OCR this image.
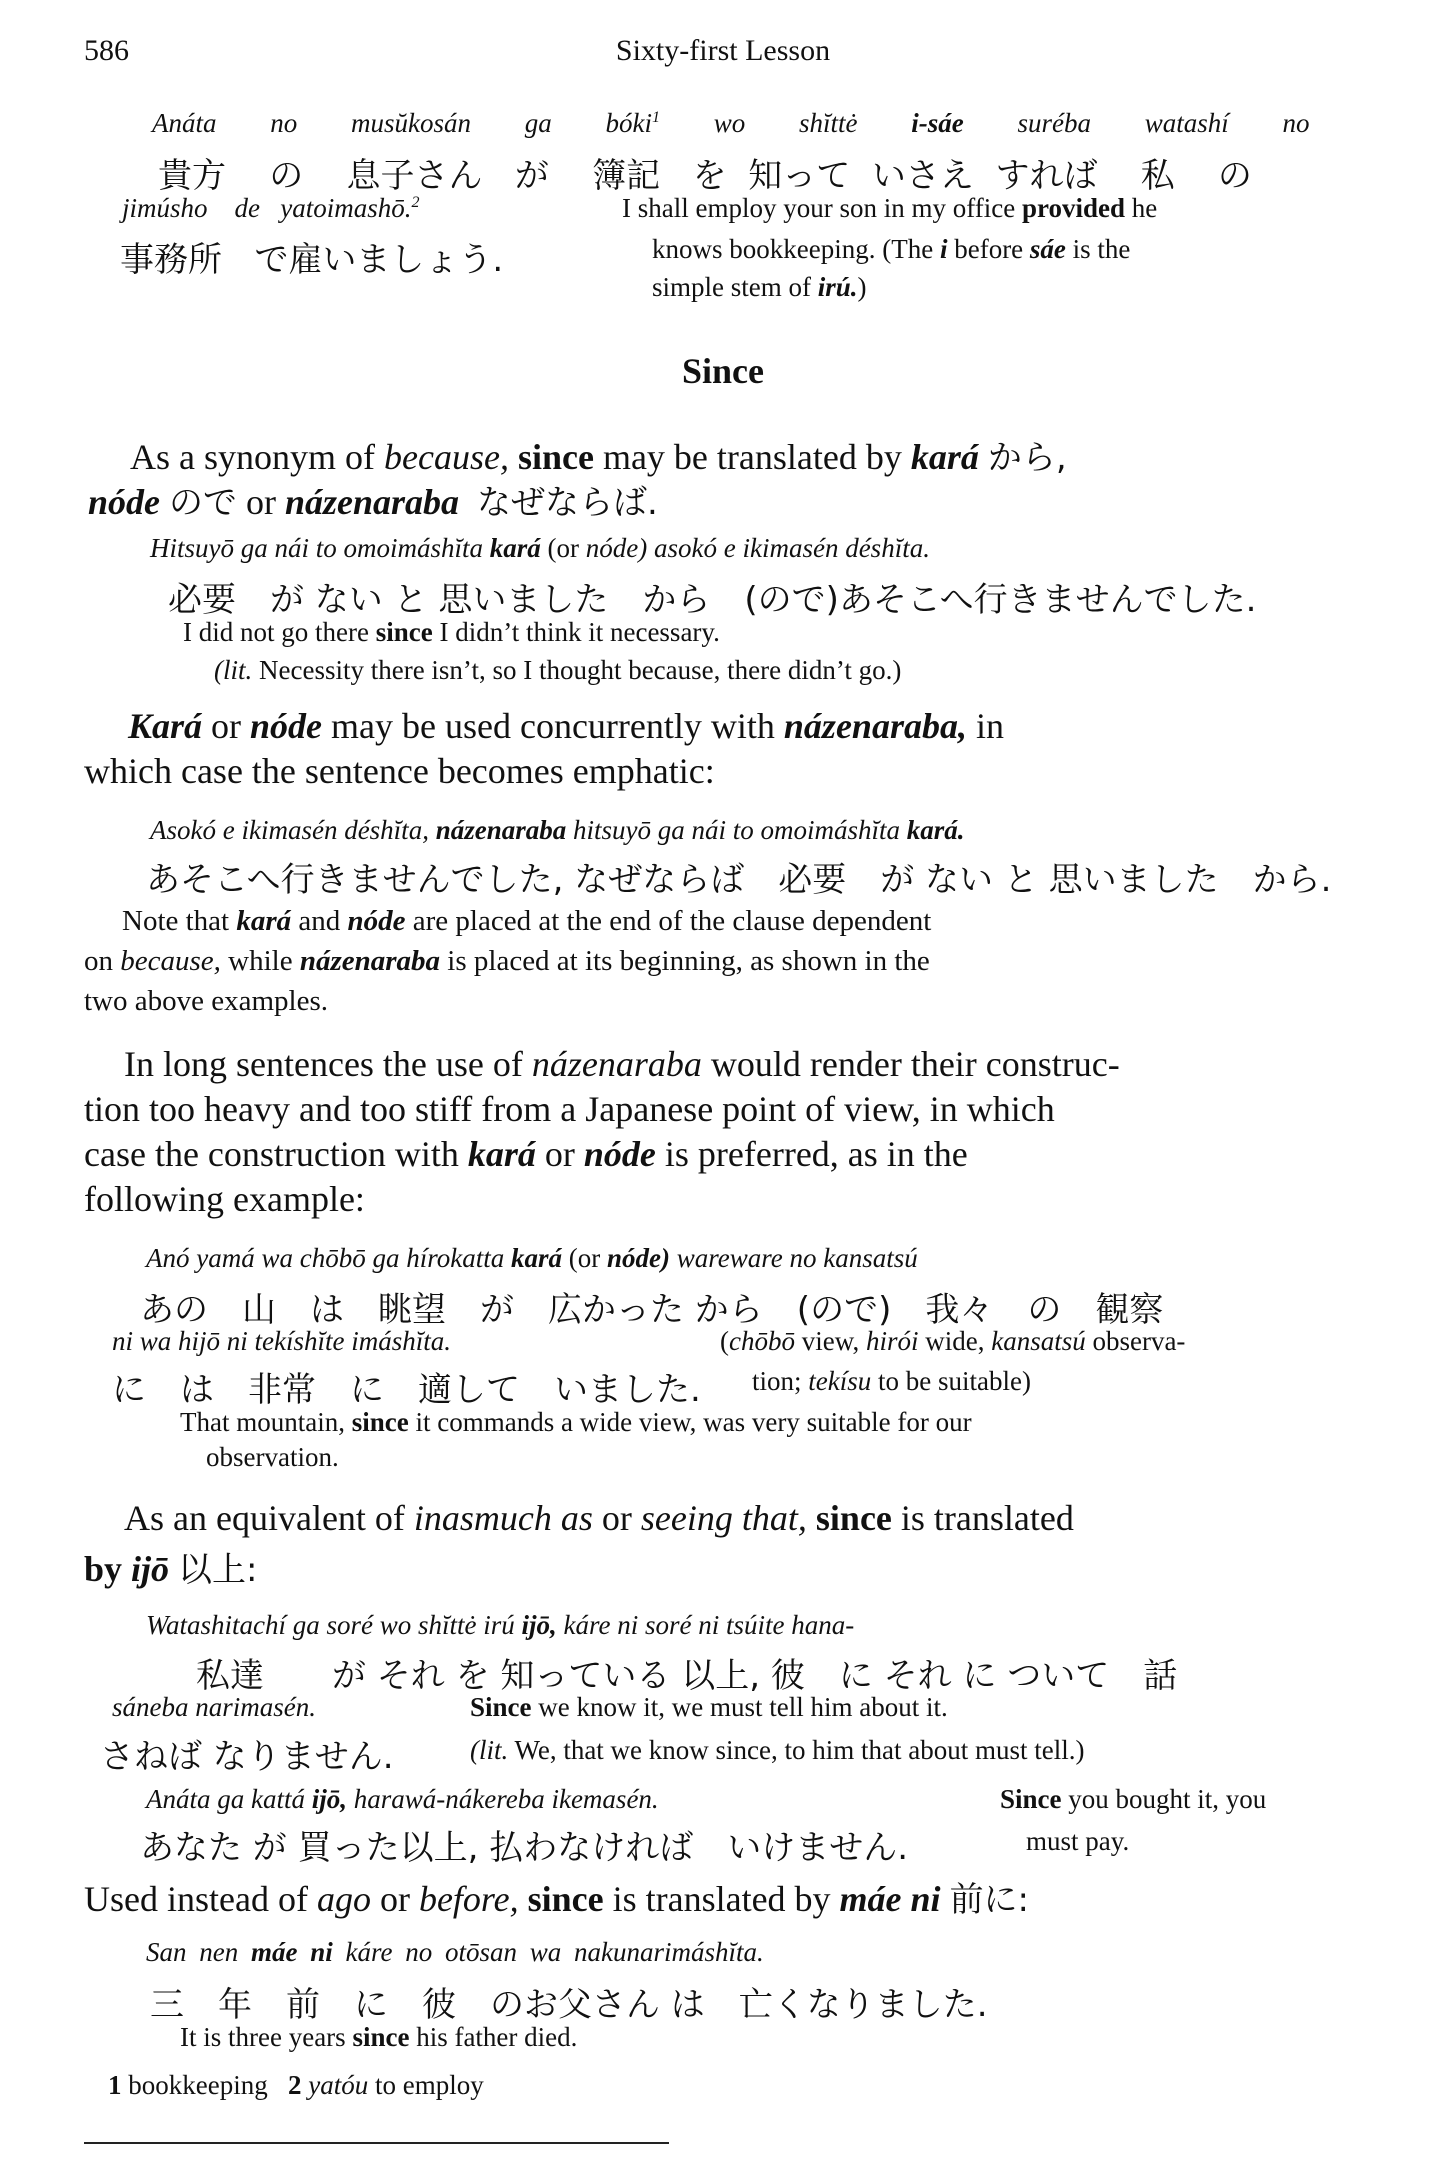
586	Sixty-first Lesson
Anáta no musŭkosán ga bóki$^1$ wo shĭttė i-sáe suréba watashí no
貴方 の 息子さん が 簿記 を 知って いさえ すれば 私 の
jimúsho de yatoimashō.$^2$	I shall employ your son in my office provided he
事務所 で雇いましょう.	knows bookkeeping. (The i before sáe is the
simple stem of irú.)
Since
As a synonym of because, since may be translated by kará から,
nóde ので or názenaraba なぜならば.
Hitsuyō ga nái to omoimáshĭta kará (or nóde) asokó e ikimasén déshĭta.
必要　が ない と 思いました　から　(ので)あそこへ行きませんでした.
I did not go there since I didn’t think it necessary.
(lit. Necessity there isn’t, so I thought because, there didn’t go.)
Kará or nóde may be used concurrently with názenaraba, in
which case the sentence becomes emphatic:
Asokó e ikimasén déshĭta, názenaraba hitsuyō ga nái to omoimáshĭta kará.
あそこへ行きませんでした, なぜならば　必要　が ない と 思いました　から.
Note that kará and nóde are placed at the end of the clause dependent
on because, while názenaraba is placed at its beginning, as shown in the
two above examples.
In long sentences the use of názenaraba would render their construc-
tion too heavy and too stiff from a Japanese point of view, in which
case the construction with kará or nóde is preferred, as in the
following example:
Anó yamá wa chōbō ga hírokatta kará (or nóde) wareware no kansatsú
あの　山　は　眺望　が　広かった から　(ので)　我々　の　観察
ni wa hijō ni tekíshĭte imáshĭta.	(chōbō view, hirói wide, kansatsú observa-
に　は　非常　に　適して　いました. tion; tekísu to be suitable)
That mountain, since it commands a wide view, was very suitable for our
observation.
As an equivalent of inasmuch as or seeing that, since is translated
by ijō 以上:
Watashitachí ga soré wo shĭttė irú ijō, káre ni soré ni tsúite hana-
私達　　が それ を 知っている 以上, 彼　に それ に ついて　話
sáneba narimasén.	Since we know it, we must tell him about it.
さねば なりません.	(lit. We, that we know since, to him that about must tell.)
Anáta ga kattá ijō, harawá-nákereba ikemasén.	Since you bought it, you
あなた が 買った以上, 払わなければ　いけません.	must pay.
Used instead of ago or before, since is translated by máe ni 前に:
San nen máe ni káre no otōsan wa nakunarimáshĭta.
三　年　前　に　彼　のお父さん は　亡くなりました.
It is three years since his father died.
1 bookkeeping 2 yatóu to employ
